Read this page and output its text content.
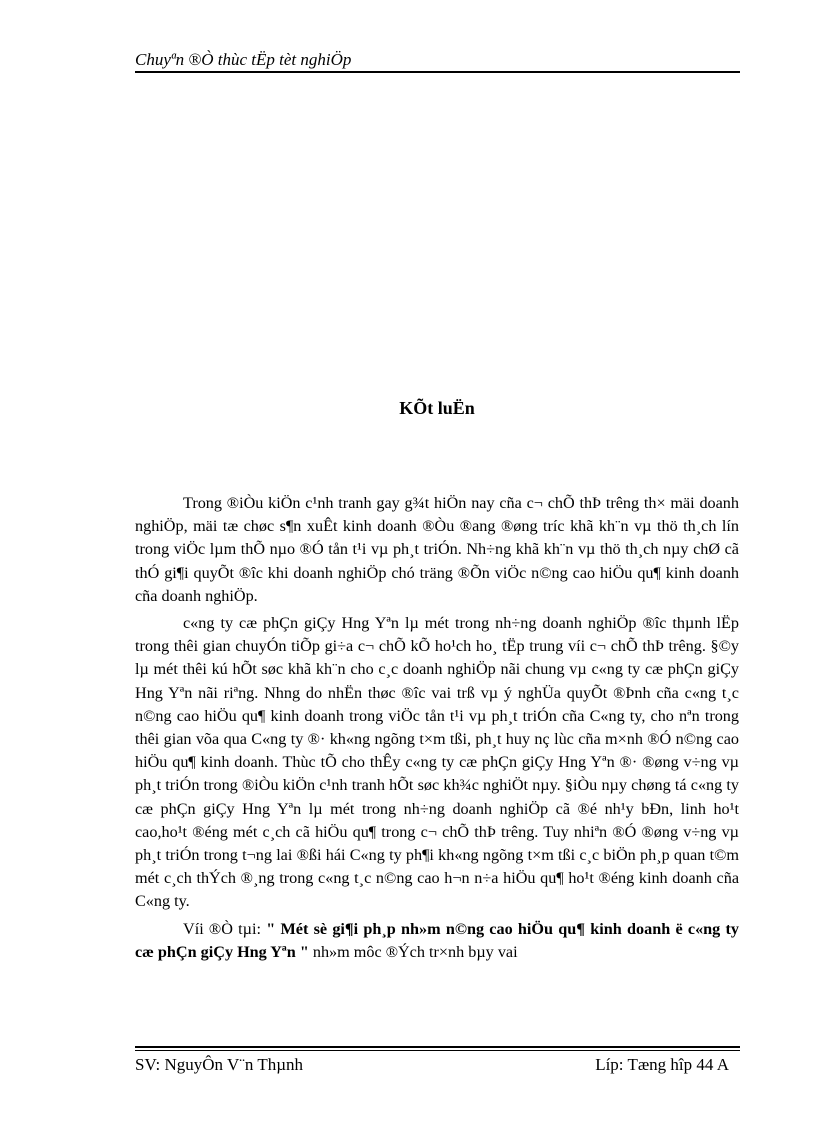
Chuyªn ®Ò thùc tËp tèt nghiÖp
KÕt luËn

Trong ®iÒu kiÖn c¹nh tranh gay g¾t hiÖn nay cña c¬ chÕ thÞ trêng th× mäi doanh nghiÖp, mäi tæ chøc s¶n xuÊt kinh doanh ®Òu ®ang ®øng tríc khã kh¨n vµ thö th¸ch lín trong viÖc lµm thÕ nµo ®Ó tån t¹i vµ ph¸t triÓn. Nh÷ng khã kh¨n vµ thö th¸ch nµy chØ cã thÓ gi¶i quyÕt ®îc khi doanh nghiÖp chó träng ®Õn viÖc n©ng cao hiÖu qu¶ kinh doanh cña doanh nghiÖp.

c«ng ty cæ phÇn giÇy Hng Yªn lµ mét trong nh÷ng doanh nghiÖp ®îc thµnh lËp trong thêi gian chuyÓn tiÕp gi÷a c¬ chÕ kÕ ho¹ch ho¸ tËp trung víi c¬ chÕ thÞ trêng. §©y lµ mét thêi kú hÕt søc khã kh¨n cho c¸c doanh nghiÖp nãi chung vµ c«ng ty cæ phÇn giÇy Hng Yªn nãi riªng. Nhng do nhËn thøc ®îc vai trß vµ ý nghÜa quyÕt ®Þnh cña c«ng t¸c n©ng cao hiÖu qu¶ kinh doanh trong viÖc tån t¹i vµ ph¸t triÓn cña C«ng ty, cho nªn trong thêi gian võa qua C«ng ty ®· kh«ng ngõng t×m tßi, ph¸t huy nç lùc cña m×nh ®Ó n©ng cao hiÖu qu¶ kinh doanh. Thùc tÕ cho thÊy c«ng ty cæ phÇn giÇy Hng Yªn ®· ®øng v÷ng vµ ph¸t triÓn trong ®iÒu kiÖn c¹nh tranh hÕt søc kh¾c nghiÖt nµy. §iÒu nµy chøng tá c«ng ty cæ phÇn giÇy Hng Yªn lµ mét trong nh÷ng doanh nghiÖp cã ®é nh¹y bÐn, linh ho¹t cao,ho¹t ®éng mét c¸ch cã hiÖu qu¶ trong c¬ chÕ thÞ trêng. Tuy nhiªn ®Ó ®øng v÷ng vµ ph¸t triÓn trong t¬ng lai ®ßi hái C«ng ty ph¶i kh«ng ngõng t×m tßi c¸c biÖn ph¸p quan t©m mét c¸ch thÝch ®¸ng trong c«ng t¸c n©ng cao h¬n n÷a hiÖu qu¶ ho¹t ®éng kinh doanh cña C«ng ty.

Víi ®Ò tµi: " Mét sè gi¶i ph¸p nh»m n©ng cao hiÖu qu¶ kinh doanh ë c«ng ty cæ phÇn giÇy Hng Yªn " nh»m môc ®Ých tr×nh bµy vai

SV: NguyÔn V¨n Thµnh	Líp: Tæng hîp 44 A
